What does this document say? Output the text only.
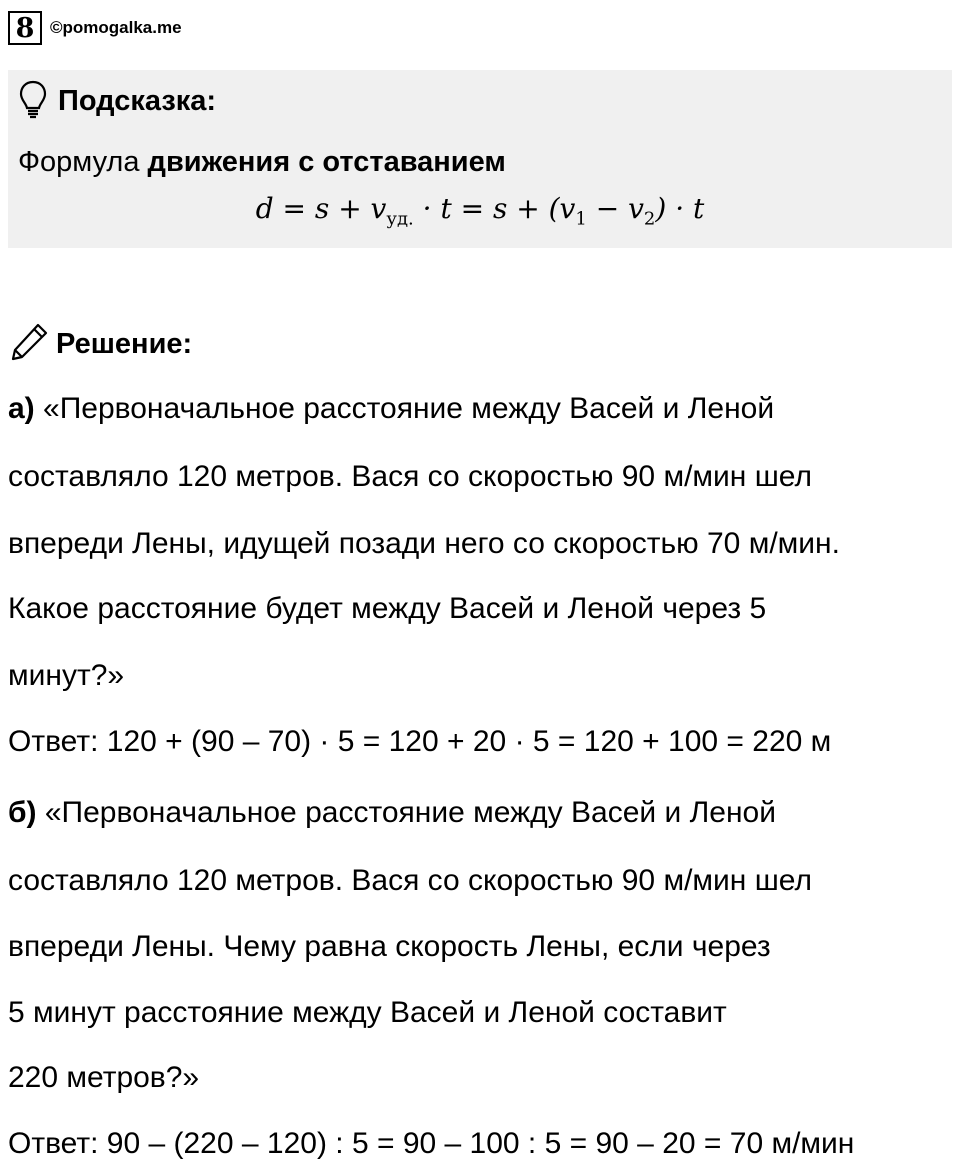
8 ©pomogalka.me
Подсказка:
Формула движения с отставанием
$d = s + v_{уд.} \cdot t = s + (v_1 - v_2) \cdot t$
Решение:
а) «Первоначальное расстояние между Васей и Леной
составляло 120 метров. Вася со скоростью 90 м/мин шел
впереди Лены, идущей позади него со скоростью 70 м/мин.
Какое расстояние будет между Васей и Леной через 5
минут?»
Ответ: 120 + (90 – 70) · 5 = 120 + 20 · 5 = 120 + 100 = 220 м
б) «Первоначальное расстояние между Васей и Леной
составляло 120 метров. Вася со скоростью 90 м/мин шел
впереди Лены. Чему равна скорость Лены, если через
5 минут расстояние между Васей и Леной составит
220 метров?»
Ответ: 90 – (220 – 120) : 5 = 90 – 100 : 5 = 90 – 20 = 70 м/мин
